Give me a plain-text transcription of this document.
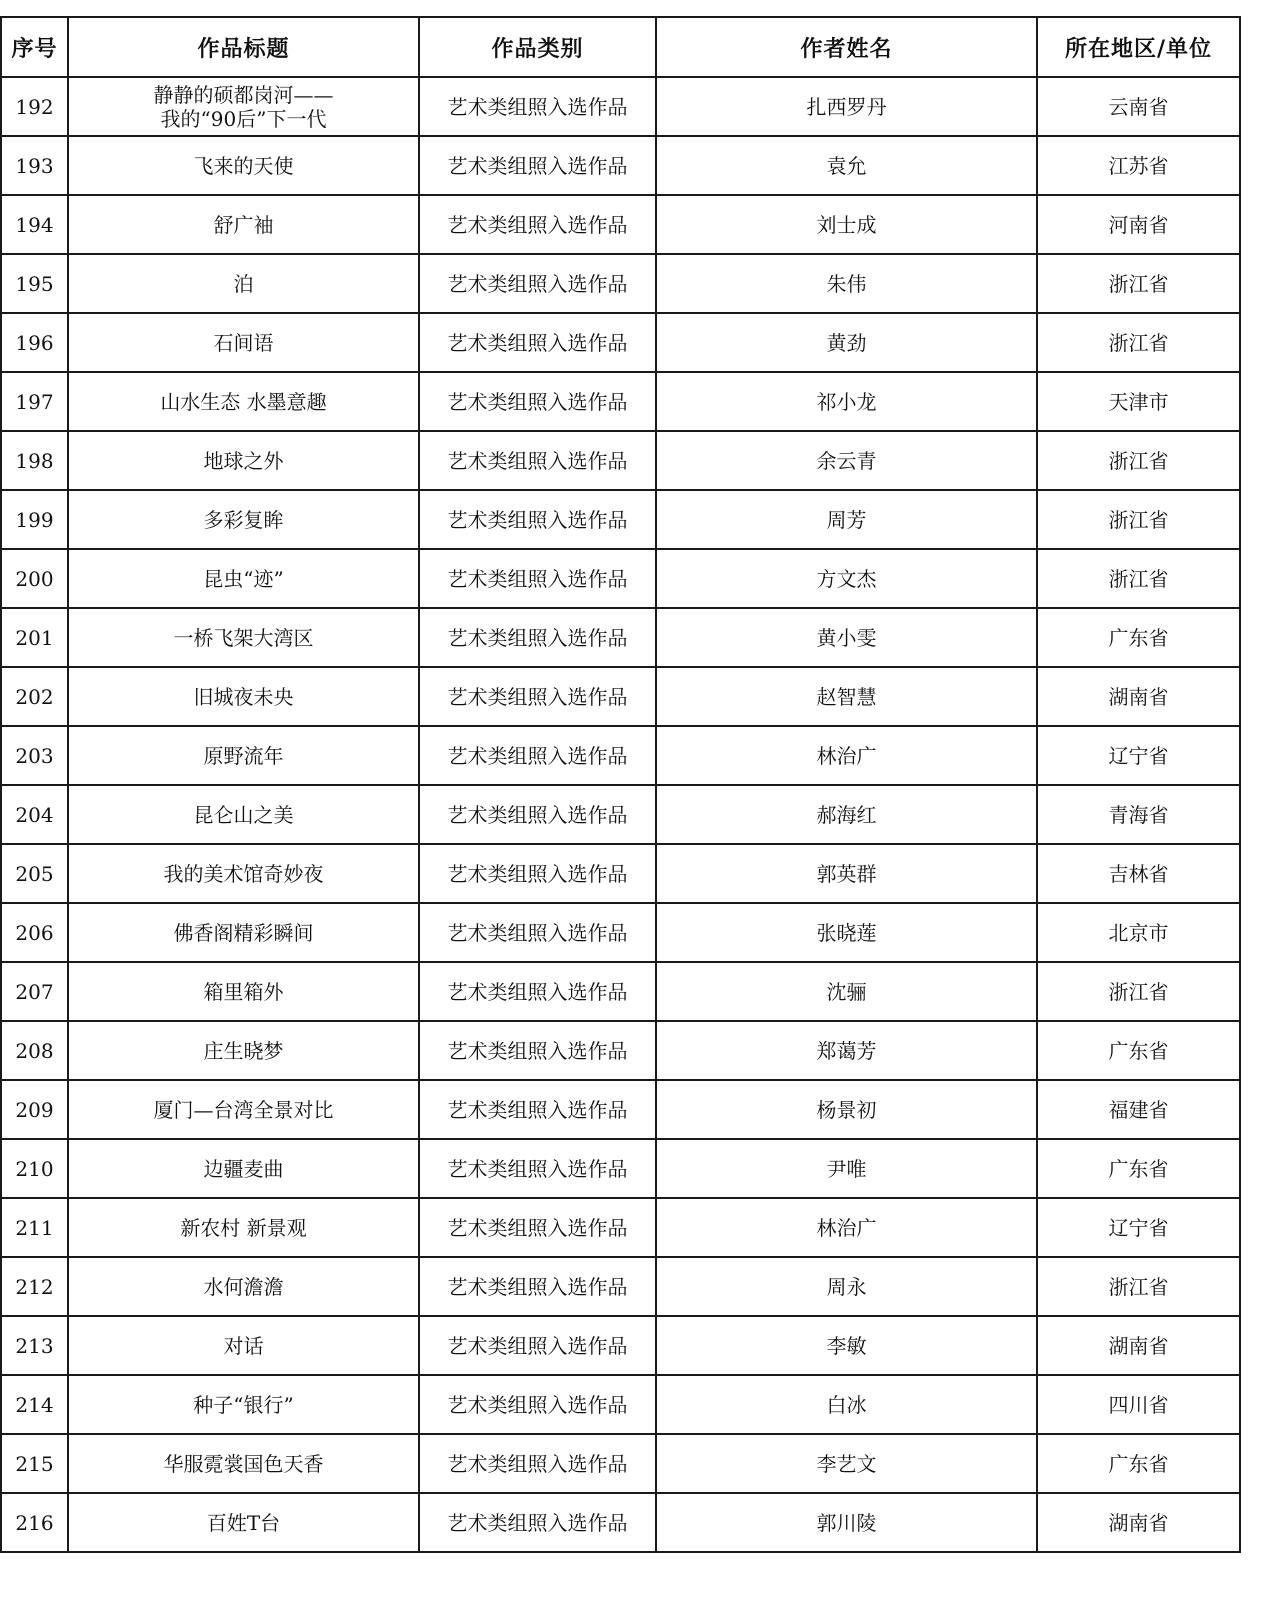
序号	作品标题	作品类别	作者姓名	所在地区/单位
192	静静的硕都岗河——
我的“90后”下一代	艺术类组照入选作品	扎西罗丹	云南省
193	飞来的天使	艺术类组照入选作品	袁允	江苏省
194	舒广袖	艺术类组照入选作品	刘士成	河南省
195	泊	艺术类组照入选作品	朱伟	浙江省
196	石间语	艺术类组照入选作品	黄劲	浙江省
197	山水生态 水墨意趣	艺术类组照入选作品	祁小龙	天津市
198	地球之外	艺术类组照入选作品	余云青	浙江省
199	多彩复眸	艺术类组照入选作品	周芳	浙江省
200	昆虫“迹”	艺术类组照入选作品	方文杰	浙江省
201	一桥飞架大湾区	艺术类组照入选作品	黄小雯	广东省
202	旧城夜未央	艺术类组照入选作品	赵智慧	湖南省
203	原野流年	艺术类组照入选作品	林治广	辽宁省
204	昆仑山之美	艺术类组照入选作品	郝海红	青海省
205	我的美术馆奇妙夜	艺术类组照入选作品	郭英群	吉林省
206	佛香阁精彩瞬间	艺术类组照入选作品	张晓莲	北京市
207	箱里箱外	艺术类组照入选作品	沈骊	浙江省
208	庄生晓梦	艺术类组照入选作品	郑蔼芳	广东省
209	厦门—台湾全景对比	艺术类组照入选作品	杨景初	福建省
210	边疆麦曲	艺术类组照入选作品	尹唯	广东省
211	新农村 新景观	艺术类组照入选作品	林治广	辽宁省
212	水何澹澹	艺术类组照入选作品	周永	浙江省
213	对话	艺术类组照入选作品	李敏	湖南省
214	种子“银行”	艺术类组照入选作品	白冰	四川省
215	华服霓裳国色天香	艺术类组照入选作品	李艺文	广东省
216	百姓T台	艺术类组照入选作品	郭川陵	湖南省
